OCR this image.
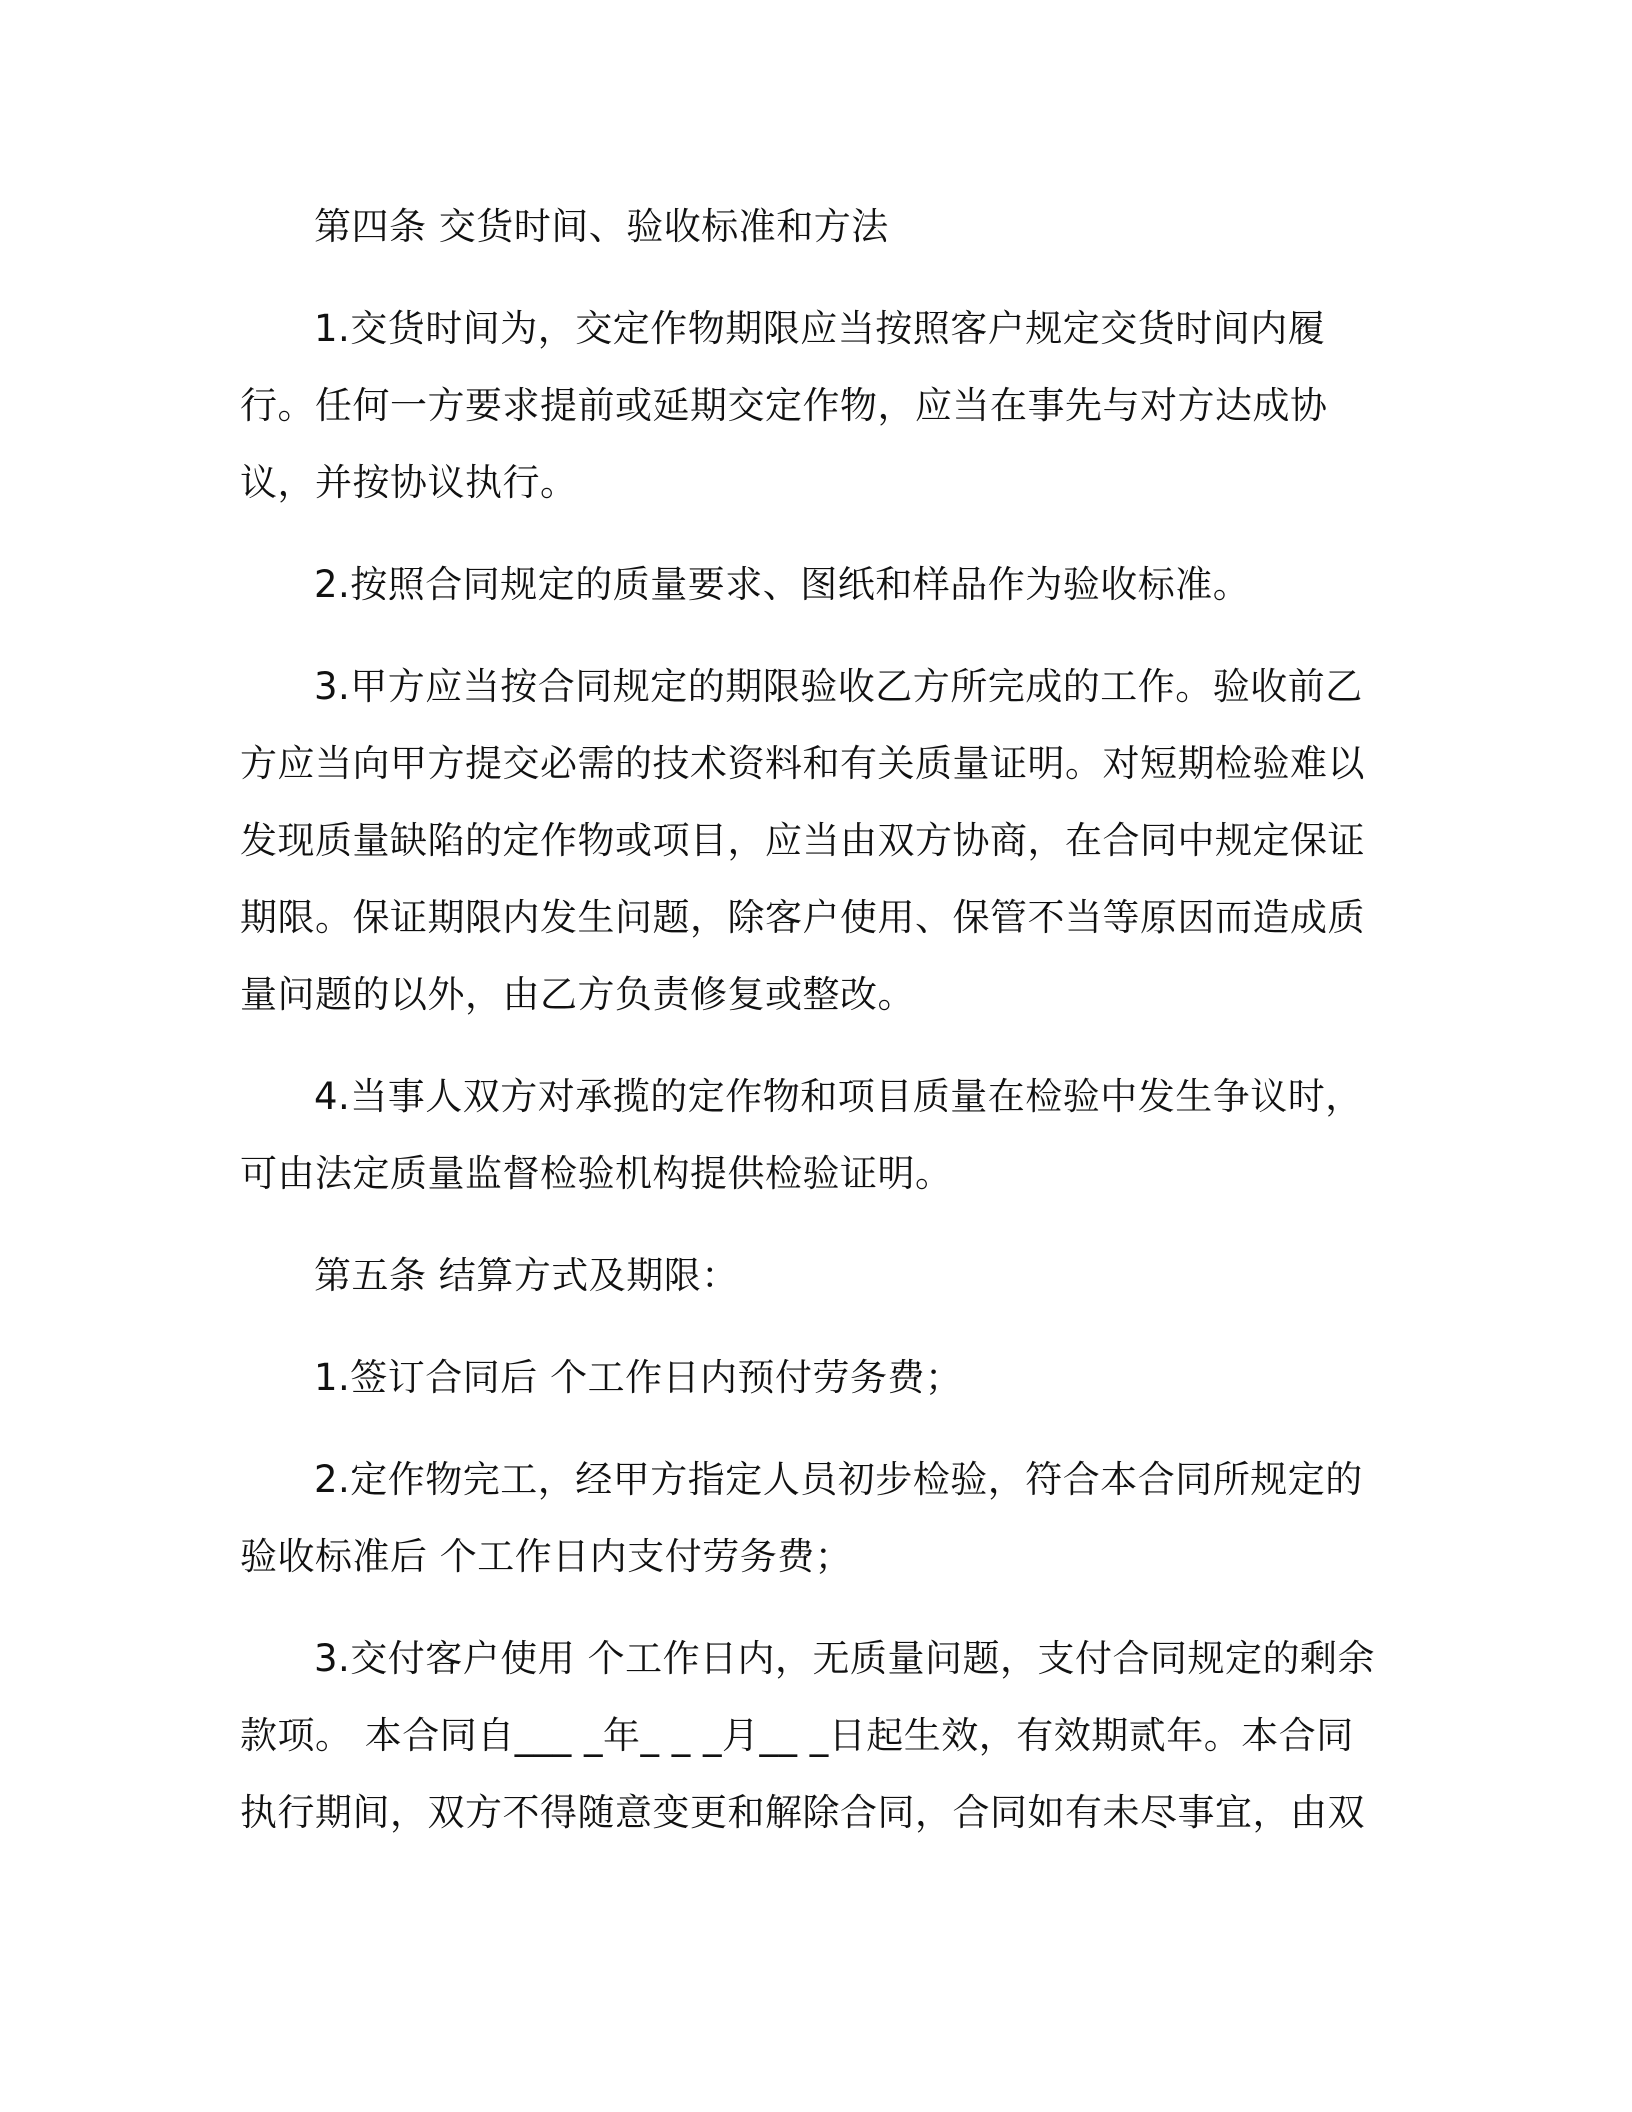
第四条 交货时间、验收标准和方法

1.交货时间为，交定作物期限应当按照客户规定交货时间内履行。任何一方要求提前或延期交定作物，应当在事先与对方达成协议，并按协议执行。

2.按照合同规定的质量要求、图纸和样品作为验收标准。

3.甲方应当按合同规定的期限验收乙方所完成的工作。验收前乙方应当向甲方提交必需的技术资料和有关质量证明。对短期检验难以发现质量缺陷的定作物或项目，应当由双方协商，在合同中规定保证期限。保证期限内发生问题，除客户使用、保管不当等原因而造成质量问题的以外，由乙方负责修复或整改。

4.当事人双方对承揽的定作物和项目质量在检验中发生争议时，可由法定质量监督检验机构提供检验证明。

第五条 结算方式及期限：

1.签订合同后 个工作日内预付劳务费；

2.定作物完工，经甲方指定人员初步检验，符合本合同所规定的验收标准后 个工作日内支付劳务费；

3.交付客户使用 个工作日内，无质量问题，支付合同规定的剩余款项。 本合同自___ _年_ _ _月__ _日起生效，有效期贰年。本合同执行期间，双方不得随意变更和解除合同，合同如有未尽事宜，由双
